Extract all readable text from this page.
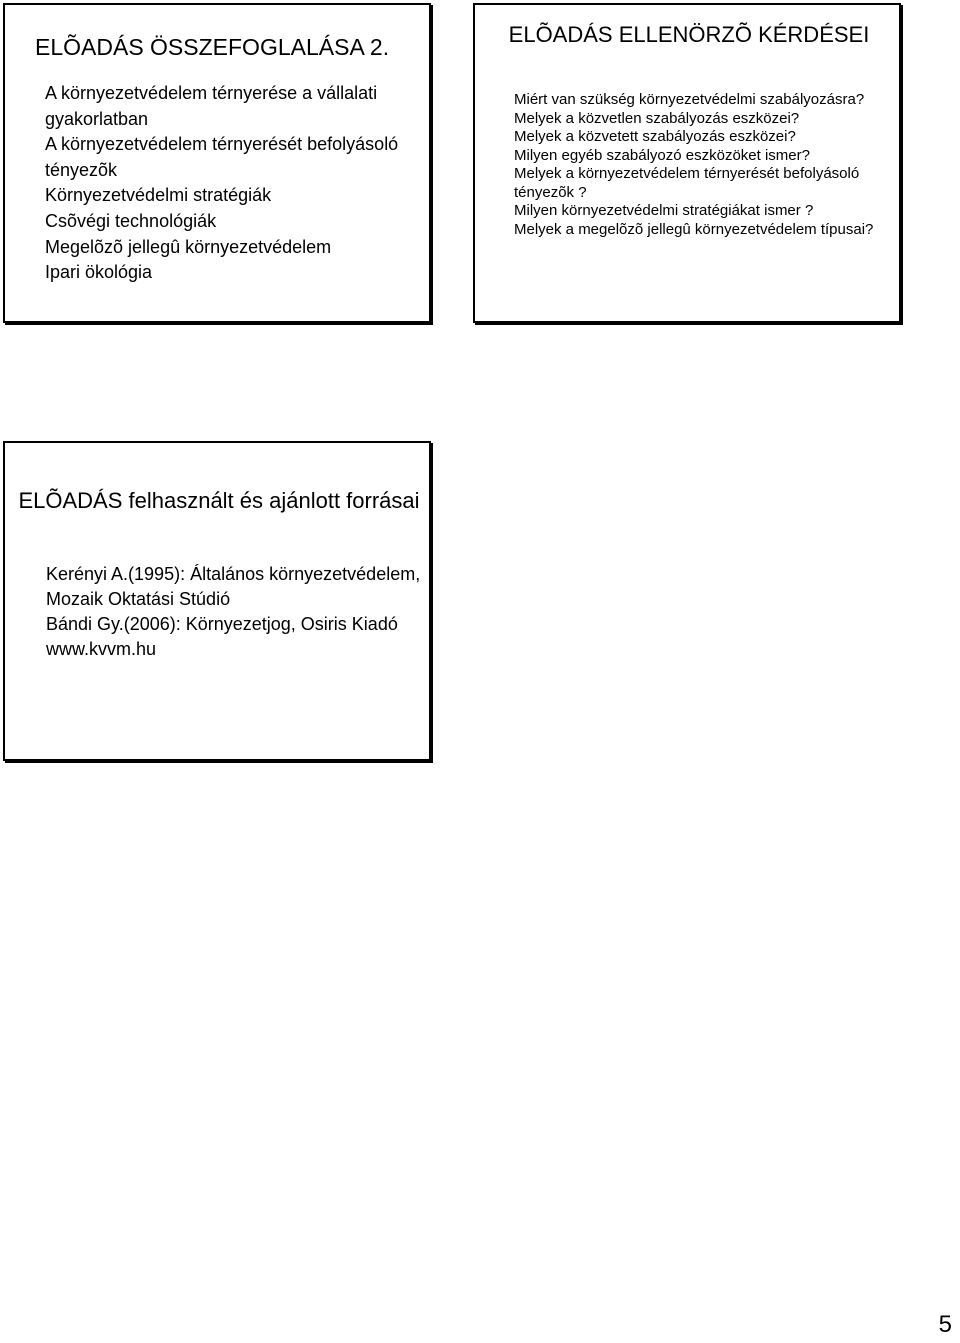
ELÕADÁS ÖSSZEFOGLALÁSA 2.
A környezetvédelem térnyerése a vállalati gyakorlatban
A környezetvédelem térnyerését befolyásoló tényezõk
Környezetvédelmi stratégiák
Csõvégi technológiák
Megelõzõ jellegû környezetvédelem
Ipari ökológia
ELÕADÁS ELLENÖRZÕ KÉRDÉSEI
Miért van szükség környezetvédelmi szabályozásra?
Melyek a közvetlen szabályozás eszközei?
Melyek a közvetett szabályozás eszközei?
Milyen egyéb szabályozó eszközöket ismer?
Melyek a környezetvédelem térnyerését befolyásoló tényezõk ?
Milyen környezetvédelmi stratégiákat ismer ?
Melyek a megelõzõ jellegû környezetvédelem típusai?
ELÕADÁS felhasznált és ajánlott forrásai
Kerényi A.(1995): Általános környezetvédelem, Mozaik Oktatási Stúdió
Bándi Gy.(2006): Környezetjog, Osiris Kiadó
www.kvvm.hu
5
